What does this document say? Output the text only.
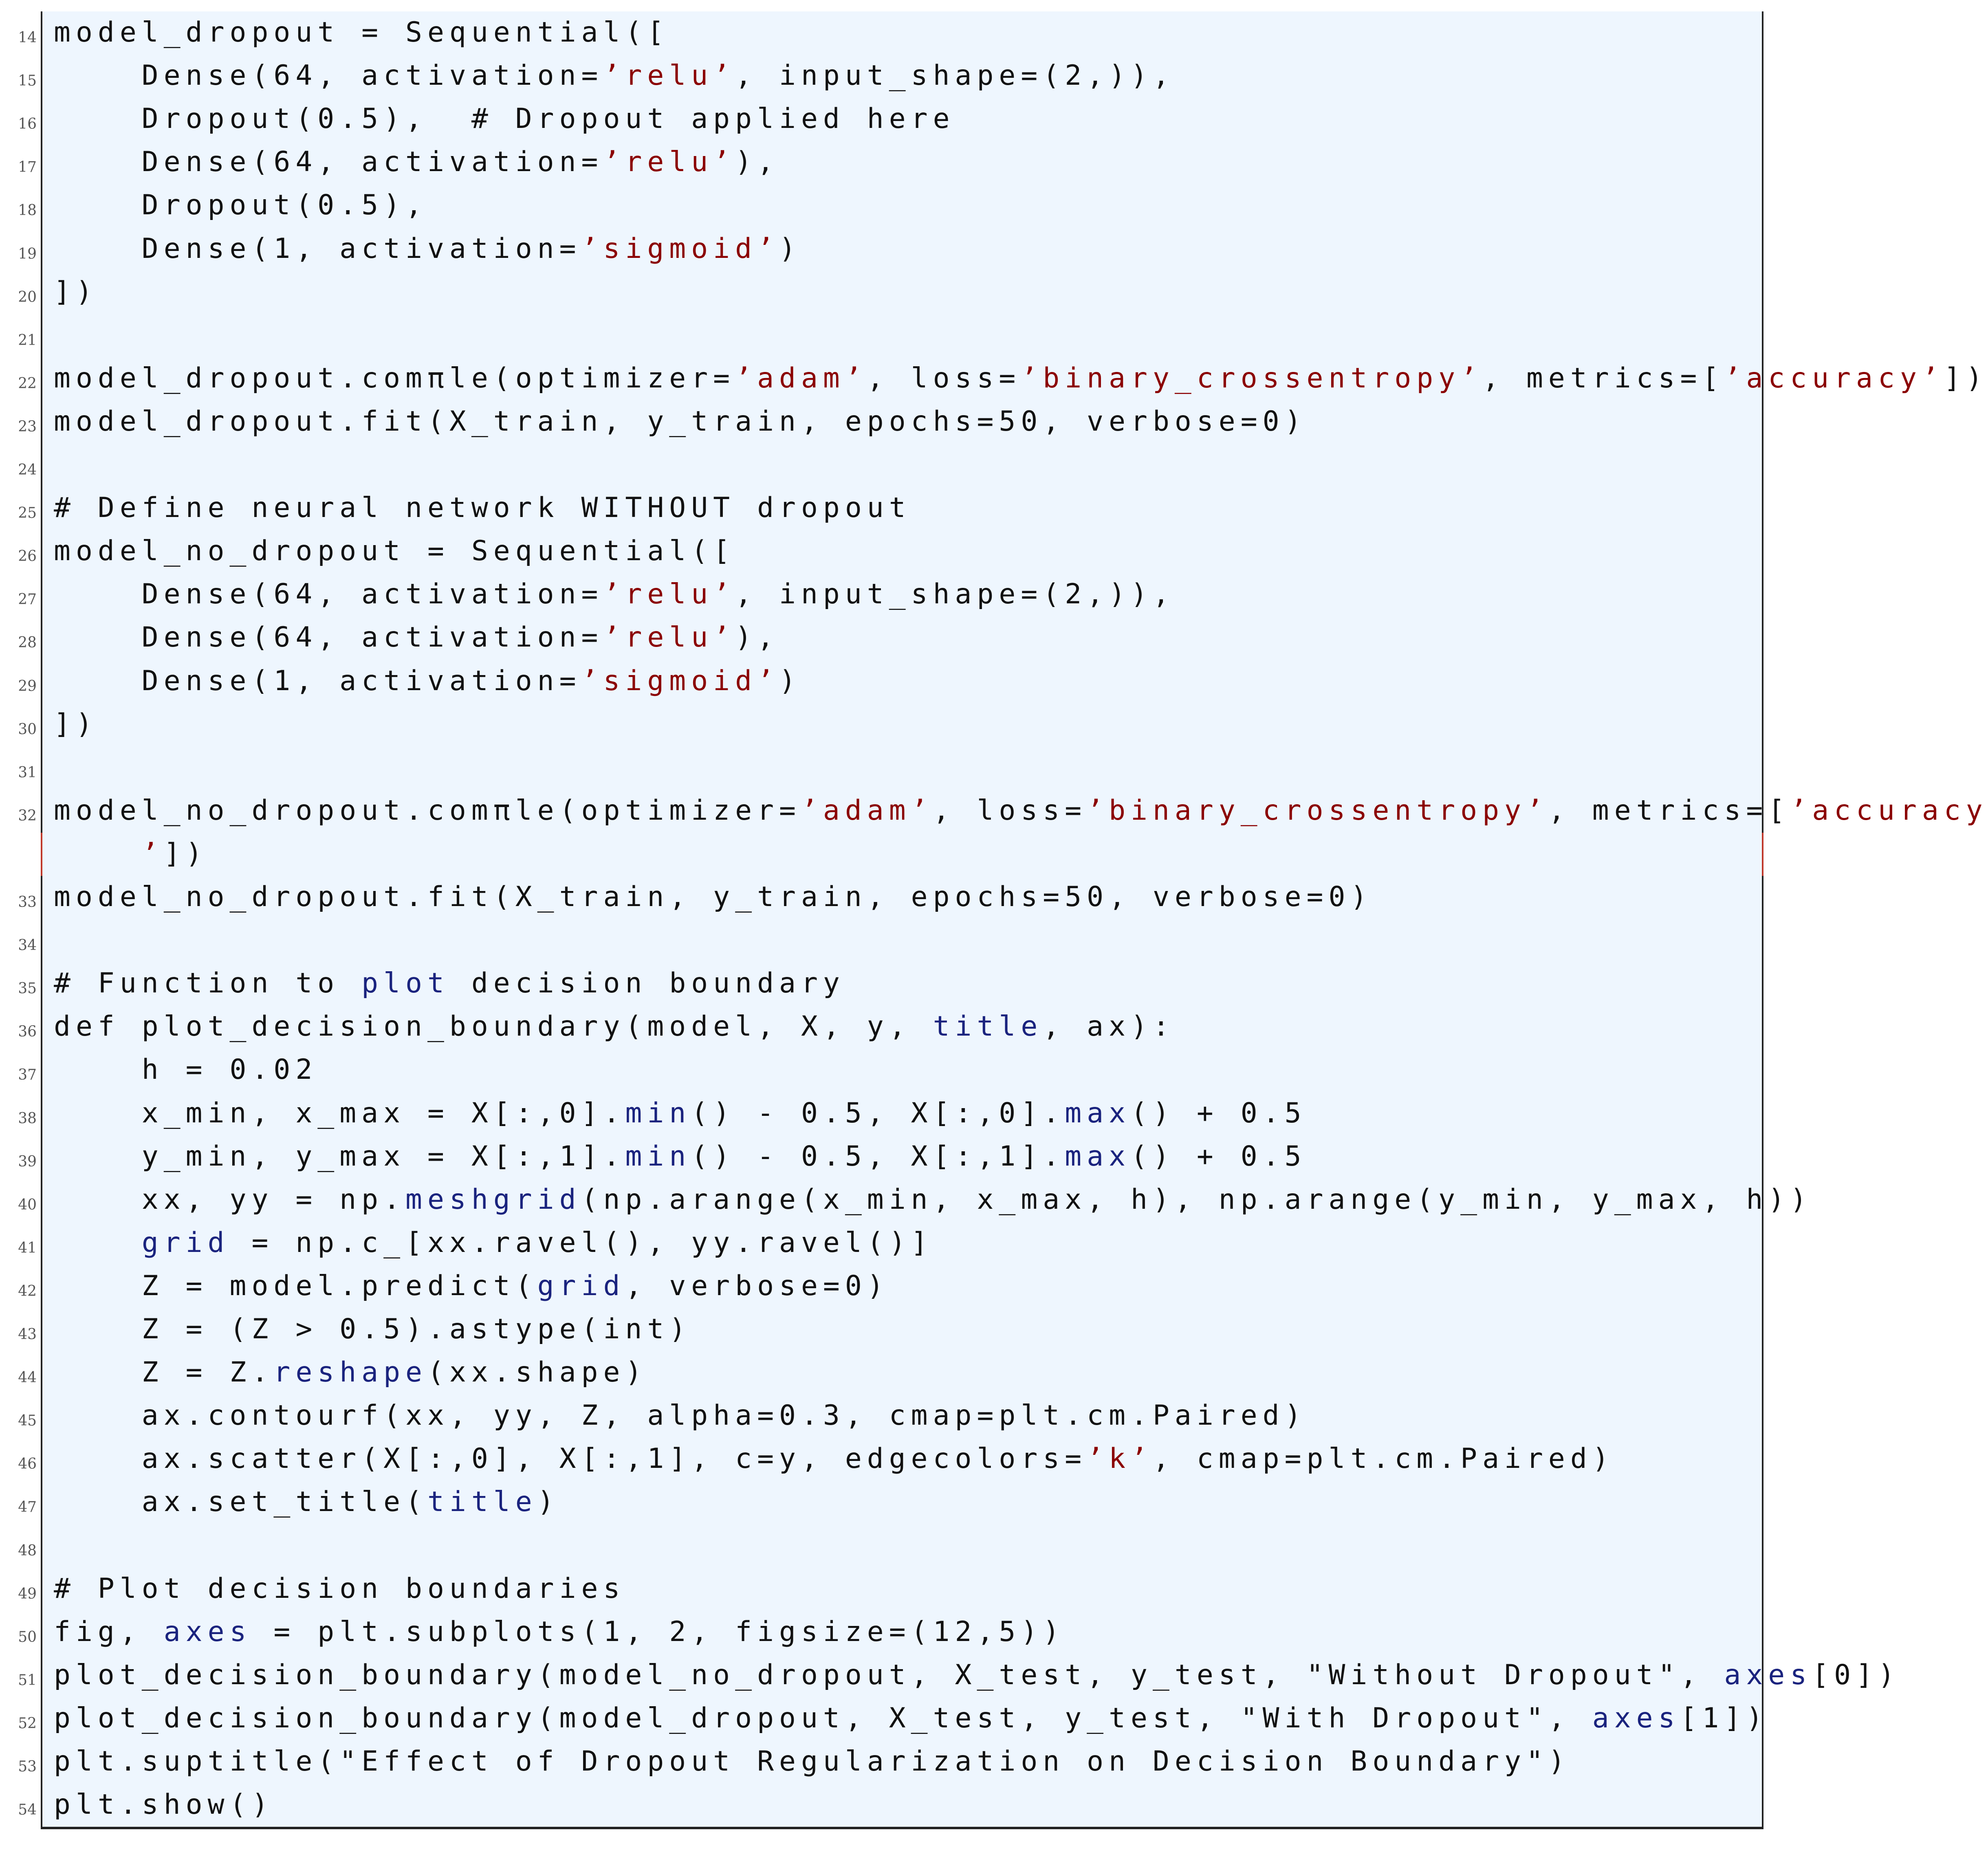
14 model_dropout = Sequential([
15 Dense(64, activation=’relu’, input_shape=(2,)),
16 Dropout(0.5),  # Dropout applied here
17 Dense(64, activation=’relu’),
18 Dropout(0.5),
19 Dense(1, activation=’sigmoid’)
20 ])
21
22 model_dropout.comπle(optimizer=’adam’, loss=’binary_crossentropy’, metrics=[’accuracy’])
23 model_dropout.fit(X_train, y_train, epochs=50, verbose=0)
24
25 # Define neural network WITHOUT dropout
26 model_no_dropout = Sequential([
27 Dense(64, activation=’relu’, input_shape=(2,)),
28 Dense(64, activation=’relu’),
29 Dense(1, activation=’sigmoid’)
30 ])
31
32 model_no_dropout.comπle(optimizer=’adam’, loss=’binary_crossentropy’, metrics=[’accuracy
’])
33 model_no_dropout.fit(X_train, y_train, epochs=50, verbose=0)
34
35 # Function to plot decision boundary
36 def plot_decision_boundary(model, X, y, title, ax):
37 h = 0.02
38 x_min, x_max = X[:,0].min() - 0.5, X[:,0].max() + 0.5
39 y_min, y_max = X[:,1].min() - 0.5, X[:,1].max() + 0.5
40 xx, yy = np.meshgrid(np.arange(x_min, x_max, h), np.arange(y_min, y_max, h))
41	grid = np.c_[xx.ravel(), yy.ravel()]
42 Z = model.predict(grid, verbose=0)
43 Z = (Z > 0.5).astype(int)
44 Z = Z.reshape(xx.shape)
45 ax.contourf(xx, yy, Z, alpha=0.3, cmap=plt.cm.Paired)
46 ax.scatter(X[:,0], X[:,1], c=y, edgecolors=’k’, cmap=plt.cm.Paired)
47 ax.set_title(title)
48
49 # Plot decision boundaries
50 fig, axes = plt.subplots(1, 2, figsize=(12,5))
51 plot_decision_boundary(model_no_dropout, X_test, y_test, "Without Dropout", axes[0])
52 plot_decision_boundary(model_dropout, X_test, y_test, "With Dropout", axes[1])
53 plt.suptitle("Effect of Dropout Regularization on Decision Boundary")
54 plt.show()
